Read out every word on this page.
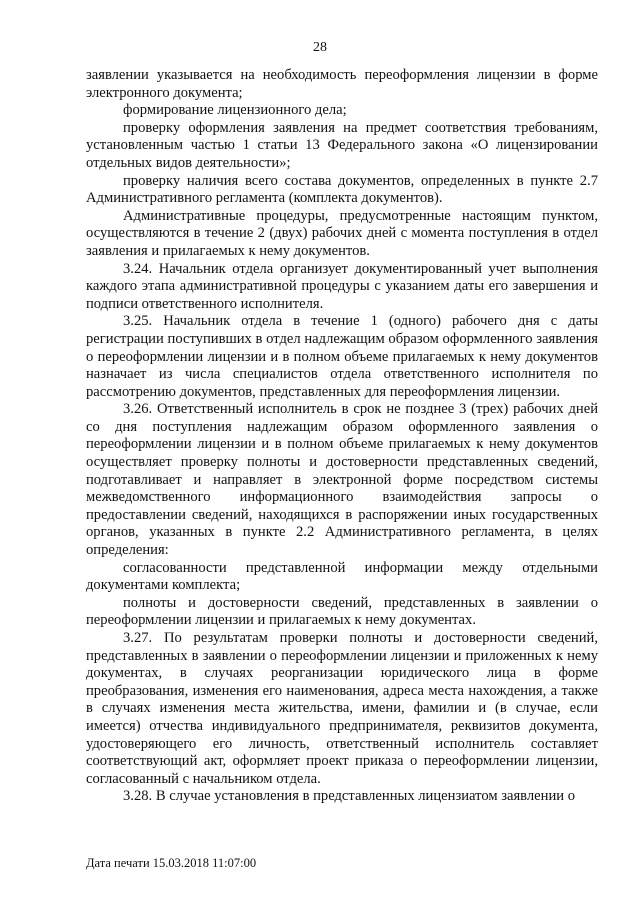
28

заявлении указывается на необходимость переоформления лицензии в форме электронного документа;

формирование лицензионного дела;

проверку оформления заявления на предмет соответствия требованиям, установленным частью 1 статьи 13 Федерального закона «О лицензировании отдельных видов деятельности»;

проверку наличия всего состава документов, определенных в пункте 2.7 Административного регламента (комплекта документов).

Административные процедуры, предусмотренные настоящим пунктом, осуществляются в течение 2 (двух) рабочих дней с момента поступления в отдел заявления и прилагаемых к нему документов.

3.24. Начальник отдела организует документированный учет выполнения каждого этапа административной процедуры с указанием даты его завершения и подписи ответственного исполнителя.

3.25. Начальник отдела в течение 1 (одного) рабочего дня с даты регистрации поступивших в отдел надлежащим образом оформленного заявления о переоформлении лицензии и в полном объеме прилагаемых к нему документов назначает из числа специалистов отдела ответственного исполнителя по рассмотрению документов, представленных для переоформления лицензии.

3.26. Ответственный исполнитель в срок не позднее 3 (трех) рабочих дней со дня поступления надлежащим образом оформленного заявления о переоформлении лицензии и в полном объеме прилагаемых к нему документов осуществляет проверку полноты и достоверности представленных сведений, подготавливает и направляет в электронной форме посредством системы межведомственного информационного взаимодействия запросы о предоставлении сведений, находящихся в распоряжении иных государственных органов, указанных в пункте 2.2 Административного регламента, в целях определения:

согласованности представленной информации между отдельными документами комплекта;

полноты и достоверности сведений, представленных в заявлении о переоформлении лицензии и прилагаемых к нему документах.

3.27. По результатам проверки полноты и достоверности сведений, представленных в заявлении о переоформлении лицензии и приложенных к нему документах, в случаях реорганизации юридического лица в форме преобразования, изменения его наименования, адреса места нахождения, а также в случаях изменения места жительства, имени, фамилии и (в случае, если имеется) отчества индивидуального предпринимателя, реквизитов документа, удостоверяющего его личность, ответственный исполнитель составляет соответствующий акт, оформляет проект приказа о переоформлении лицензии, согласованный с начальником отдела.

3.28. В случае установления в представленных лицензиатом заявлении о

Дата печати 15.03.2018 11:07:00
